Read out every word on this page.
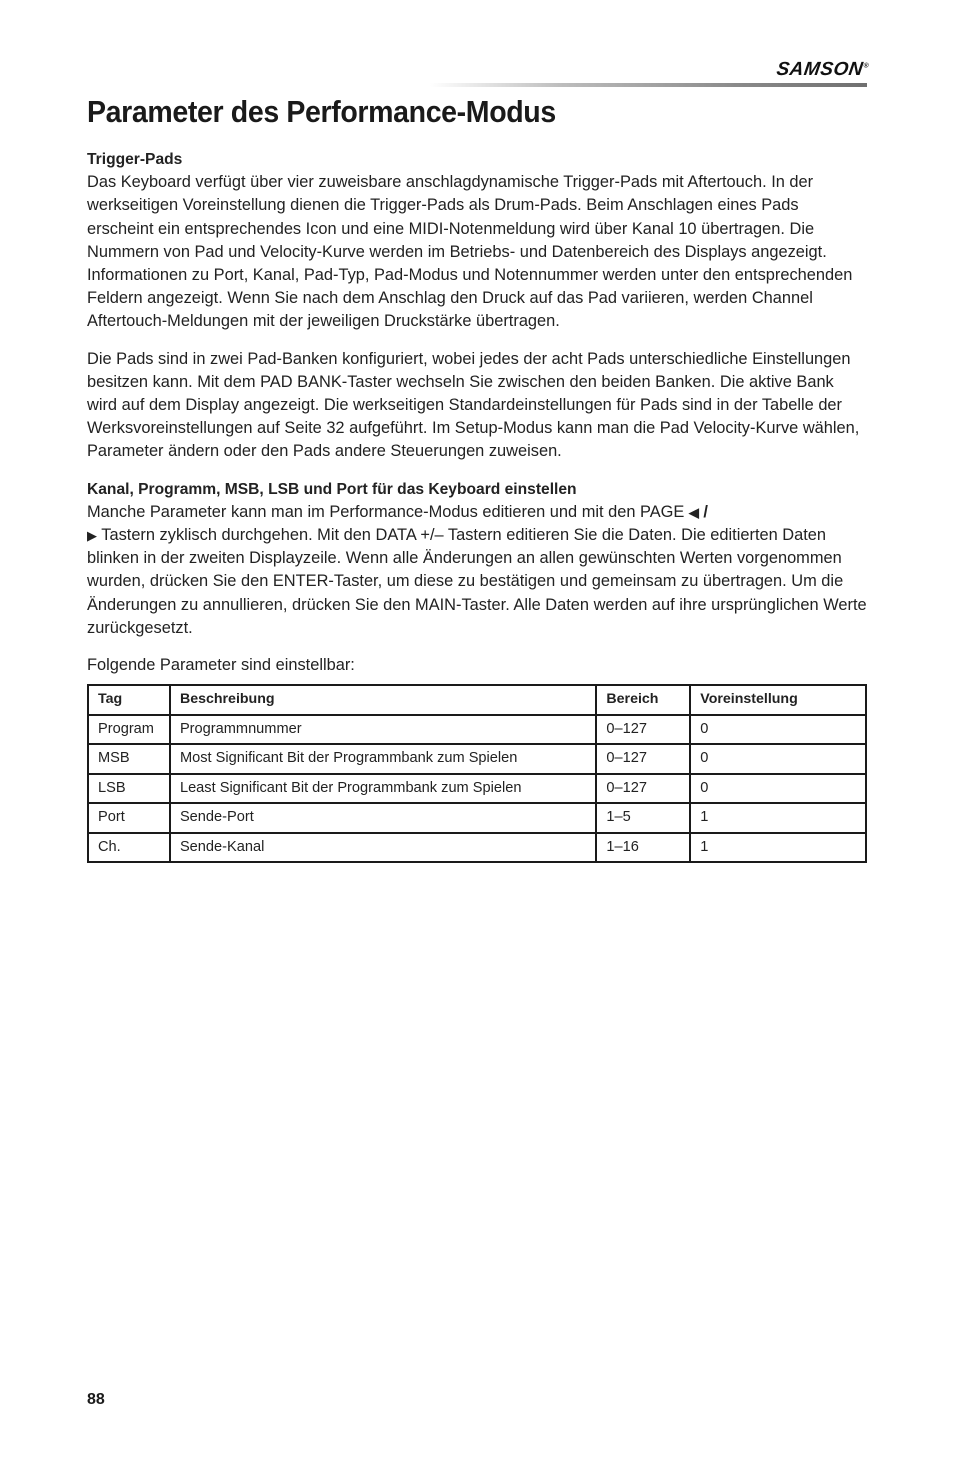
SAMSON®
Parameter des Performance-Modus

Trigger-Pads
Das Keyboard verfügt über vier zuweisbare anschlagdynamische Trigger-Pads mit Aftertouch. In der werkseitigen Voreinstellung dienen die Trigger-Pads als Drum-Pads. Beim Anschlagen eines Pads erscheint ein entsprechendes Icon und eine MIDI-Notenmeldung wird über Kanal 10 übertragen. Die Nummern von Pad und Velocity-Kurve werden im Betriebs- und Datenbereich des Displays angezeigt. Informationen zu Port, Kanal, Pad-Typ, Pad-Modus und Notennummer werden unter den entsprechenden Feldern angezeigt. Wenn Sie nach dem Anschlag den Druck auf das Pad variieren, werden Channel Aftertouch-Meldungen mit der jeweiligen Druckstärke übertragen.

Die Pads sind in zwei Pad-Banken konfiguriert, wobei jedes der acht Pads unterschiedliche Einstellungen besitzen kann. Mit dem PAD BANK-Taster wechseln Sie zwischen den beiden Banken. Die aktive Bank wird auf dem Display angezeigt. Die werkseitigen Standardeinstellungen für Pads sind in der Tabelle der Werksvoreinstellungen auf Seite 32 aufgeführt. Im Setup-Modus kann man die Pad Velocity-Kurve wählen, Parameter ändern oder den Pads andere Steuerungen zuweisen.

Kanal, Programm, MSB, LSB und Port für das Keyboard einstellen
Manche Parameter kann man im Performance-Modus editieren und mit den PAGE ◀ /
▶ Tastern zyklisch durchgehen. Mit den DATA +/– Tastern editieren Sie die Daten. Die editierten Daten blinken in der zweiten Displayzeile. Wenn alle Änderungen an allen gewünschten Werten vorgenommen wurden, drücken Sie den ENTER-Taster, um diese zu bestätigen und gemeinsam zu übertragen. Um die Änderungen zu annullieren, drücken Sie den MAIN-Taster. Alle Daten werden auf ihre ursprünglichen Werte zurückgesetzt.

Folgende Parameter sind einstellbar:

Tag	Beschreibung	Bereich	Voreinstellung
Program	Programmnummer	0–127	0
MSB	Most Significant Bit der Programmbank zum Spielen	0–127	0
LSB	Least Significant Bit der Programmbank zum Spielen	0–127	0
Port	Sende-Port	1–5	1
Ch.	Sende-Kanal	1–16	1
88
